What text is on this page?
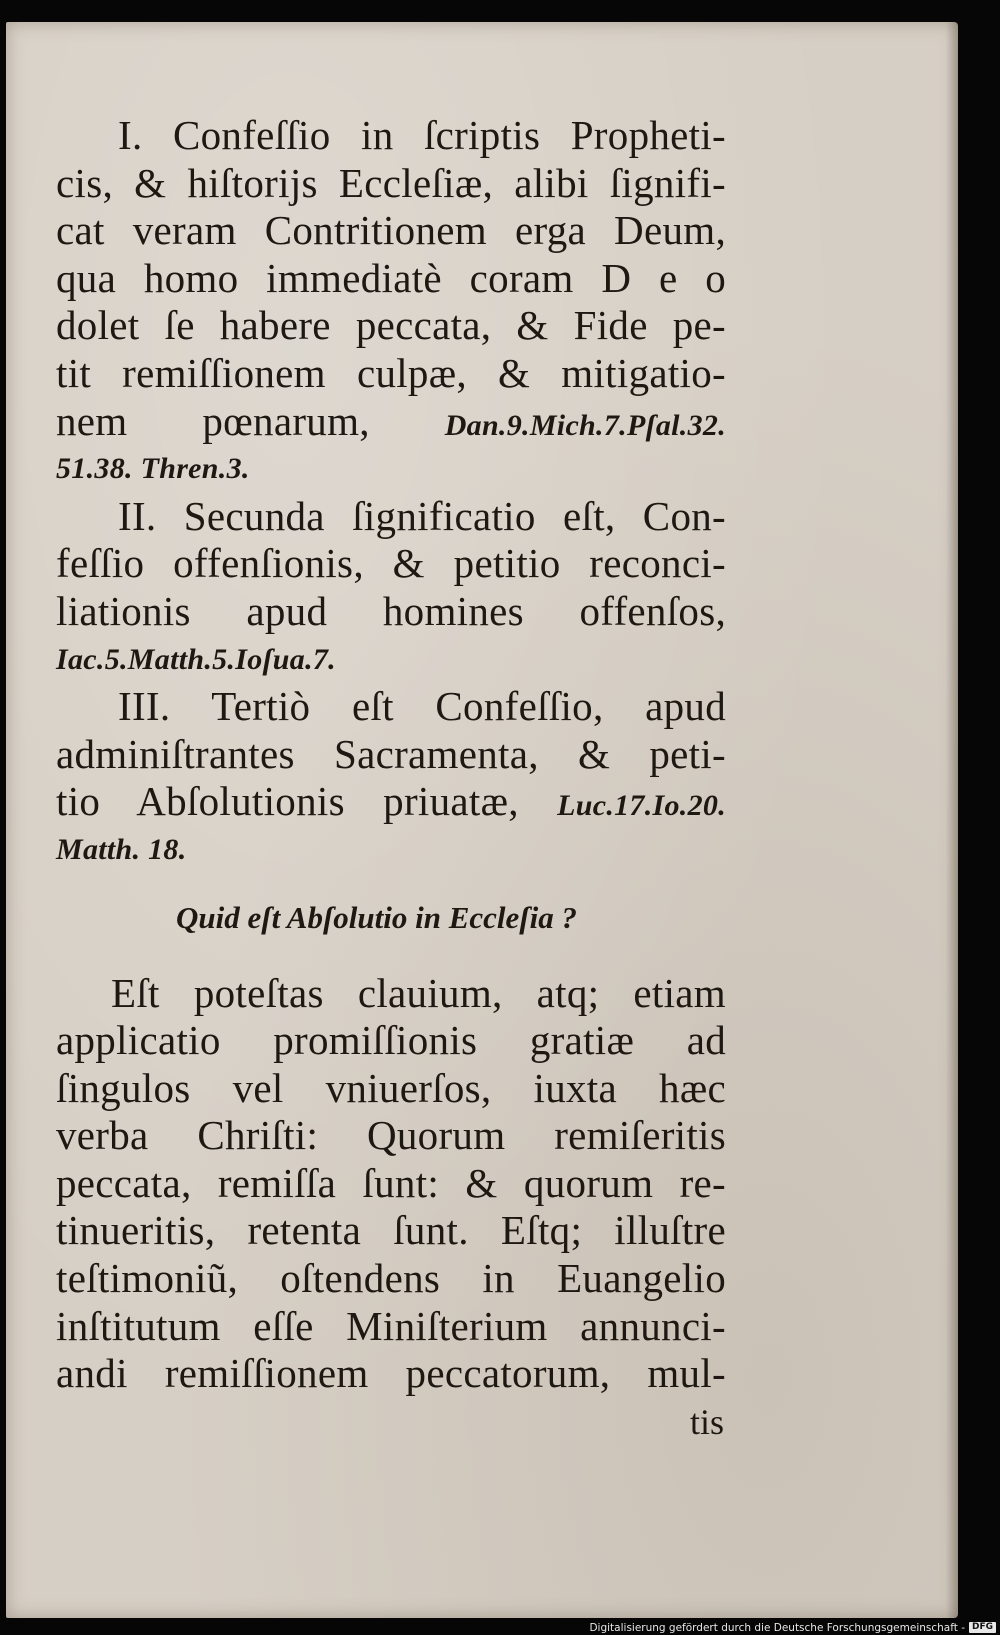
I. Confeſſio in ſcriptis Propheti-
cis, & hiſtorijs Eccleſiæ, alibi ſignifi-
cat veram Contritionem erga Deum,
qua homo immediatè coram D e o
dolet ſe habere peccata, & Fide pe-
tit remiſſionem culpæ, & mitigatio-
nem pœnarum, Dan.9.Mich.7.Pſal.32.
51.38. Thren.3.
II. Secunda ſignificatio eſt, Con-
feſſio offenſionis, & petitio reconci-
liationis apud homines offenſos,
Iac.5.Matth.5.Ioſua.7.
III. Tertiò eſt Confeſſio, apud
adminiſtrantes Sacramenta, & peti-
tio Abſolutionis priuatæ, Luc.17.Io.20.
Matth. 18.
Quid eſt Abſolutio in Eccleſia ?
Eſt poteſtas clauium, atq; etiam
applicatio promiſſionis gratiæ ad
ſingulos vel vniuerſos, iuxta hæc
verba Chriſti: Quorum remiſeritis
peccata, remiſſa ſunt: & quorum re-
tinueritis, retenta ſunt. Eſtq; illuſtre
teſtimoniũ, oſtendens in Euangelio
inſtitutum eſſe Miniſterium annunci-
andi remiſſionem peccatorum, mul-
tis
Digitalisierung gefördert durch die Deutsche Forschungsgemeinschaft - DFG
